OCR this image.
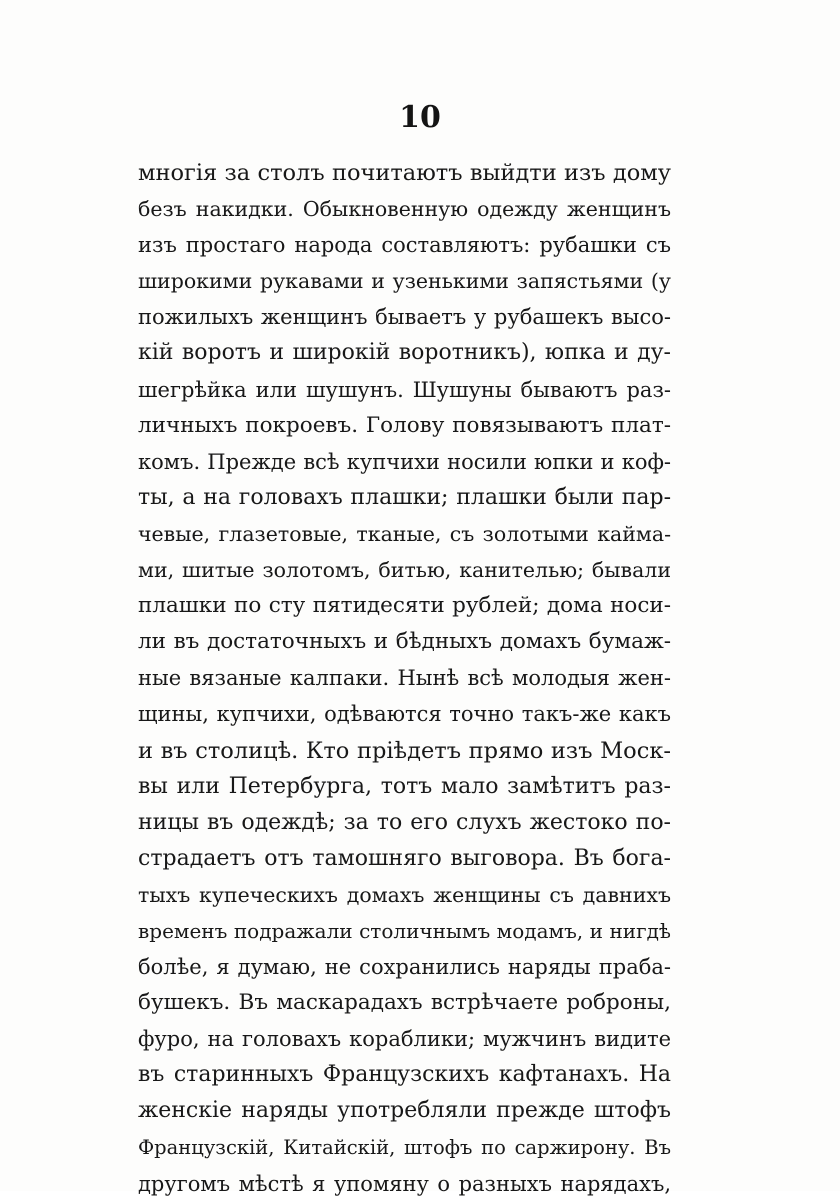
10
многія за столъ почитаютъ выйдти изъ дому
безъ накидки. Обыкновенную одежду женщинъ
изъ простаго народа составляютъ: рубашки съ
широкими рукавами и узенькими запястьями (у
пожилыхъ женщинъ бываетъ у рубашекъ высо-
кій воротъ и широкій воротникъ), юпка и ду-
шегрѣйка или шушунъ. Шушуны бываютъ раз-
личныхъ покроевъ. Голову повязываютъ плат-
комъ. Прежде всѣ купчихи носили юпки и коф-
ты, а на головахъ плашки; плашки были пар-
чевые, глазетовые, тканые, съ золотыми кайма-
ми, шитые золотомъ, битью, канителью; бывали
плашки по сту пятидесяти рублей; дома носи-
ли въ достаточныхъ и бѣдныхъ домахъ бумаж-
ные вязаные калпаки. Нынѣ всѣ молодыя жен-
щины, купчихи, одѣваются точно такъ-же какъ
и въ столицѣ. Кто пріѣдетъ прямо изъ Моск-
вы или Петербурга, тотъ мало замѣтитъ раз-
ницы въ одеждѣ; за то его слухъ жестоко по-
страдаетъ отъ тамошняго выговора. Въ бога-
тыхъ купеческихъ домахъ женщины съ давнихъ
временъ подражали столичнымъ модамъ, и нигдѣ
болѣе, я думаю, не сохранились наряды праба-
бушекъ. Въ маскарадахъ встрѣчаете роброны,
фуро, на головахъ кораблики; мужчинъ видите
въ старинныхъ Французскихъ кафтанахъ. На
женскіе наряды употребляли прежде штофъ
Французскій, Китайскій, штофъ по саржирону. Въ
другомъ мѣстѣ я упомяну о разныхъ нарядахъ,
